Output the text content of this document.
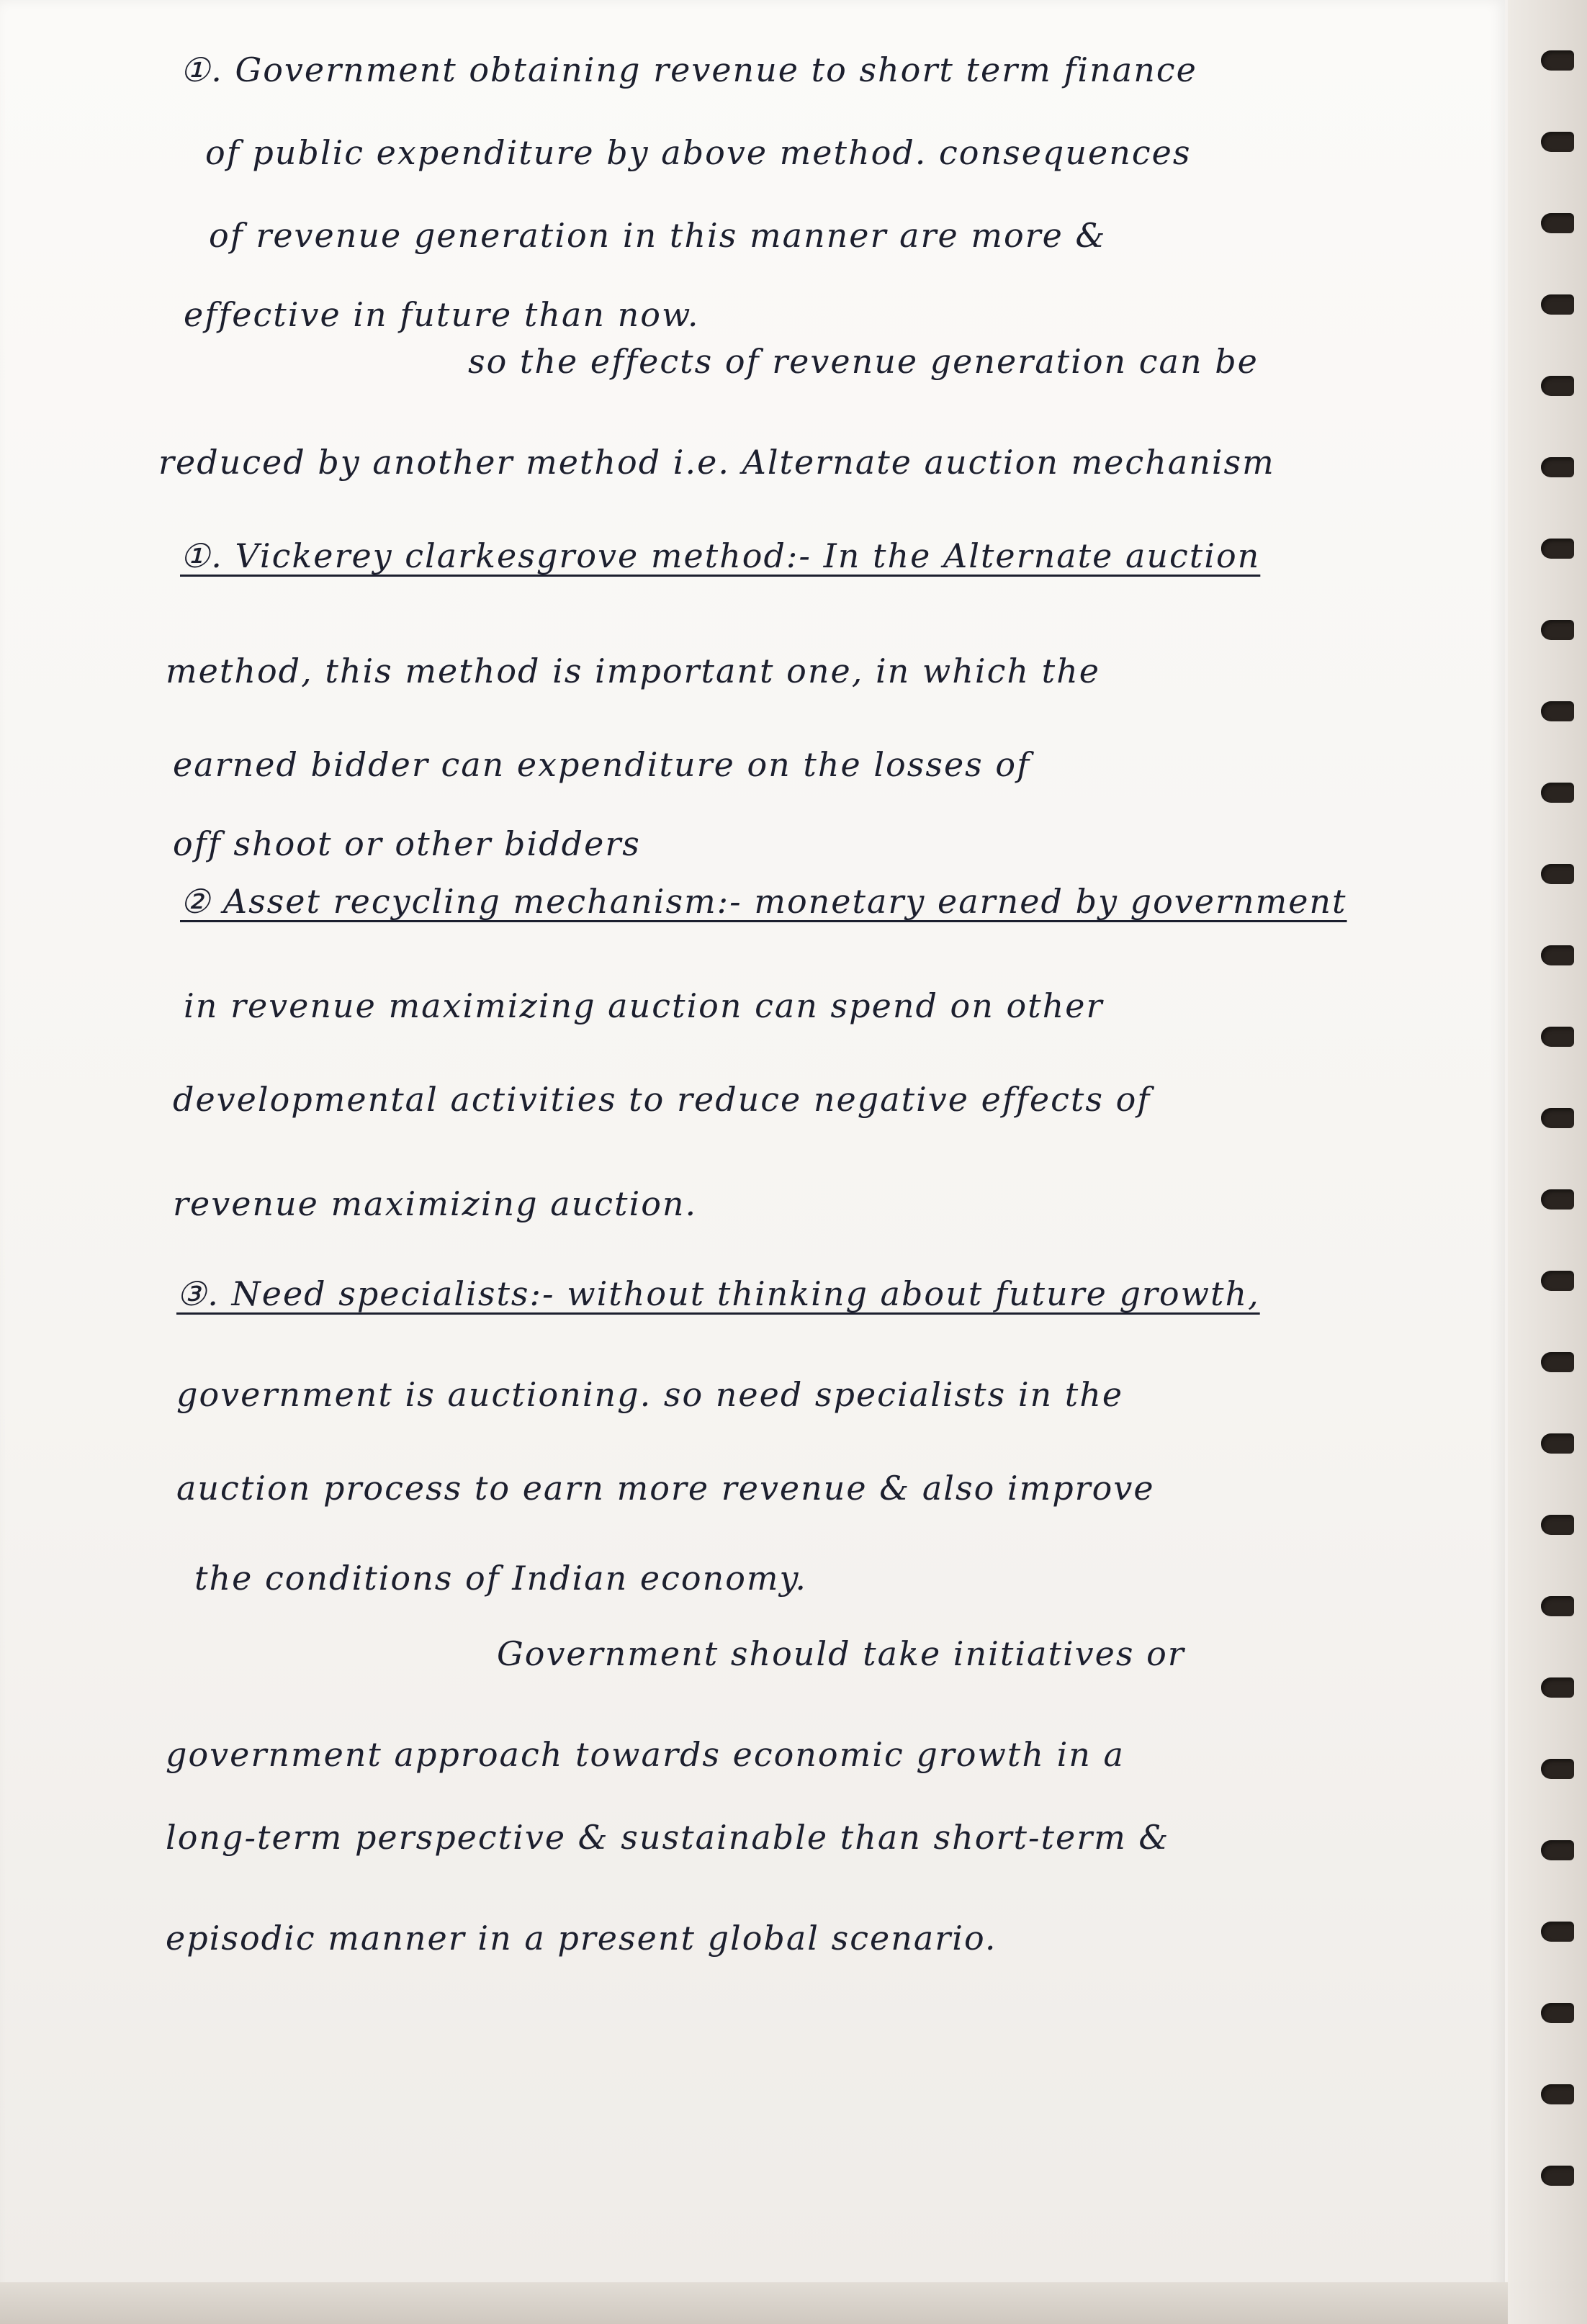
①. Government obtaining revenue to short term finance
of public expenditure by above method. consequences
of revenue generation in this manner are more &
effective in future than now.
so the effects of revenue generation can be
reduced by another method i.e. Alternate auction mechanism
①. Vickerey clarkesgrove method:- In the Alternate auction
method, this method is important one, in which the
earned bidder can expenditure on the losses of
off shoot or other bidders
② Asset recycling mechanism:- monetary earned by government
in revenue maximizing auction can spend on other
developmental activities to reduce negative effects of
revenue maximizing auction.
③. Need specialists:- without thinking about future growth,
government is auctioning. so need specialists in the
auction process to earn more revenue & also improve
the conditions of Indian economy.
Government should take initiatives or
government approach towards economic growth in a
long-term perspective & sustainable than short-term &
episodic manner in a present global scenario.
